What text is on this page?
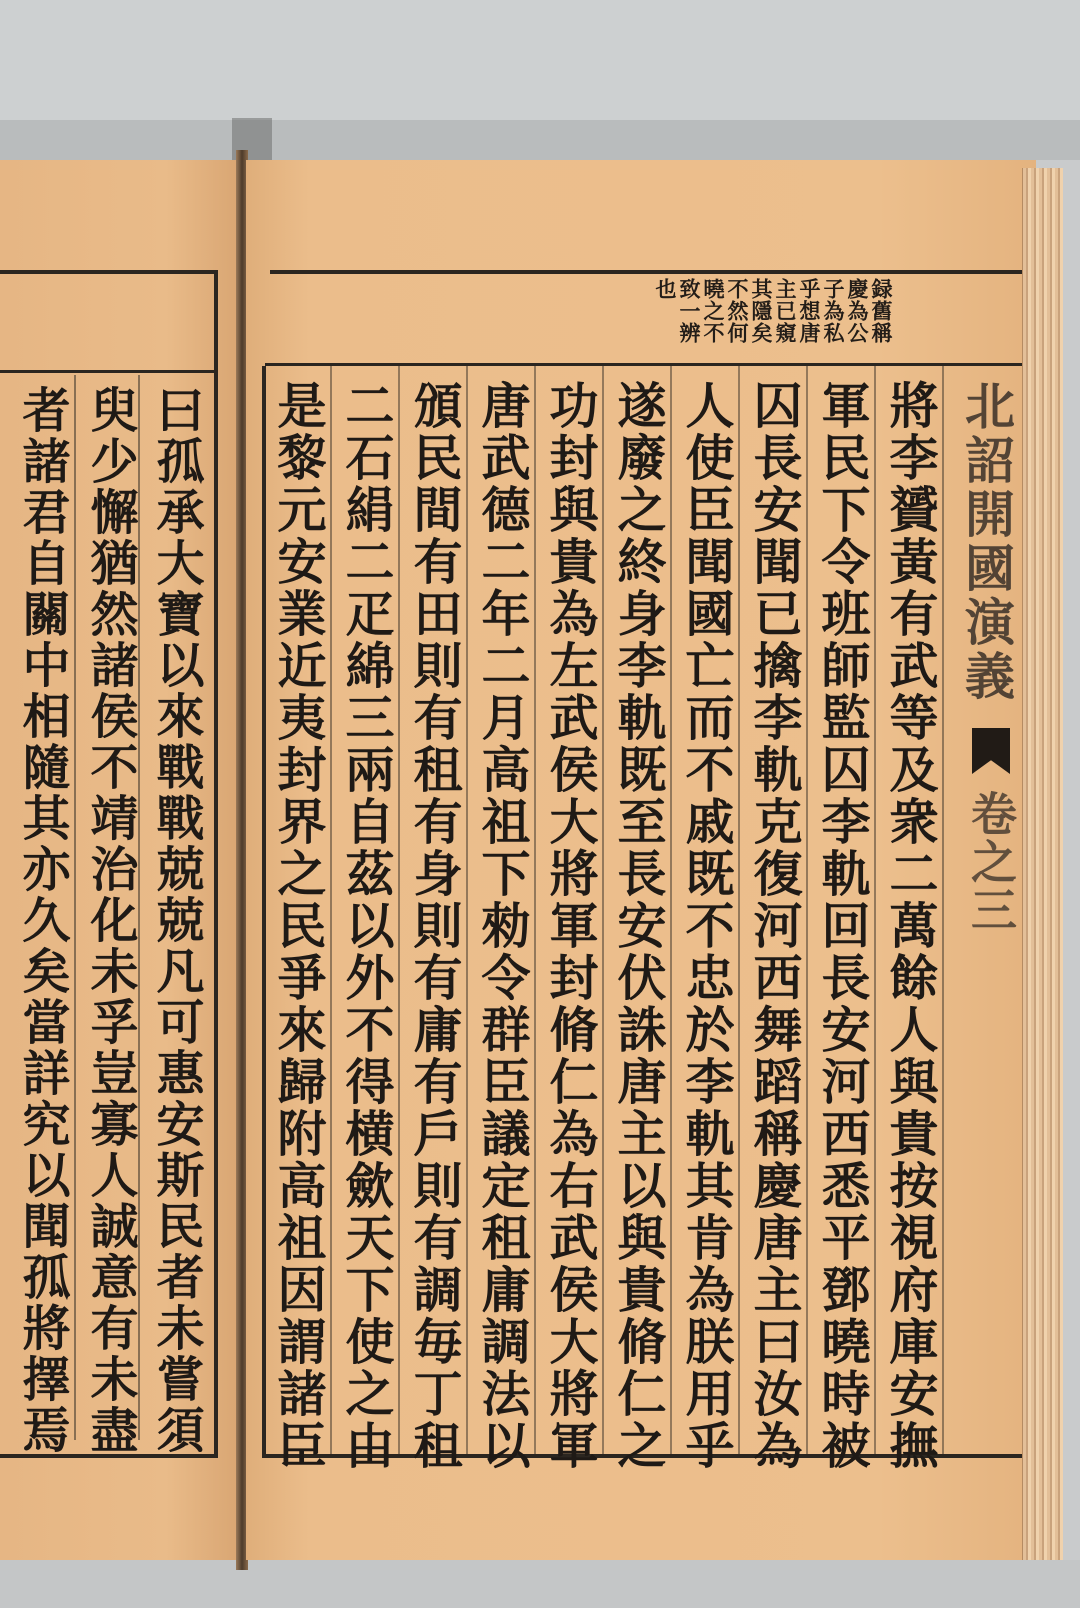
曰孤承大寶以來戰戰兢兢凡可惠安斯民者未嘗須
臾少懈猶然諸侯不靖治化未孚豈寡人誠意有未盡
者諸君自關中相隨其亦久矣當詳究以聞孤將擇焉	北詔開國演義
卷之三
録舊稱
慶為公
子為私
乎想唐
主已窺
其隱矣
不然何
曉之不
致一辨
也
將李贇黃有武等及衆二萬餘人與貴按視府庫安撫
軍民下令班師監囚李軌回長安河西悉平鄧曉時被
囚長安聞已擒李軌克復河西舞蹈稱慶唐主曰汝為
人使臣聞國亡而不戚既不忠於李軌其肯為朕用乎
遂廢之終身李軌既至長安伏誅唐主以與貴脩仁之
功封與貴為左武侯大將軍封脩仁為右武侯大將軍
唐武德二年二月高祖下勑令群臣議定租庸調法以
頒民間有田則有租有身則有庸有戶則有調毎丁租
二石絹二疋綿三兩自茲以外不得横歛天下使之由
是黎元安業近夷封界之民爭來歸附高祖因謂諸臣
